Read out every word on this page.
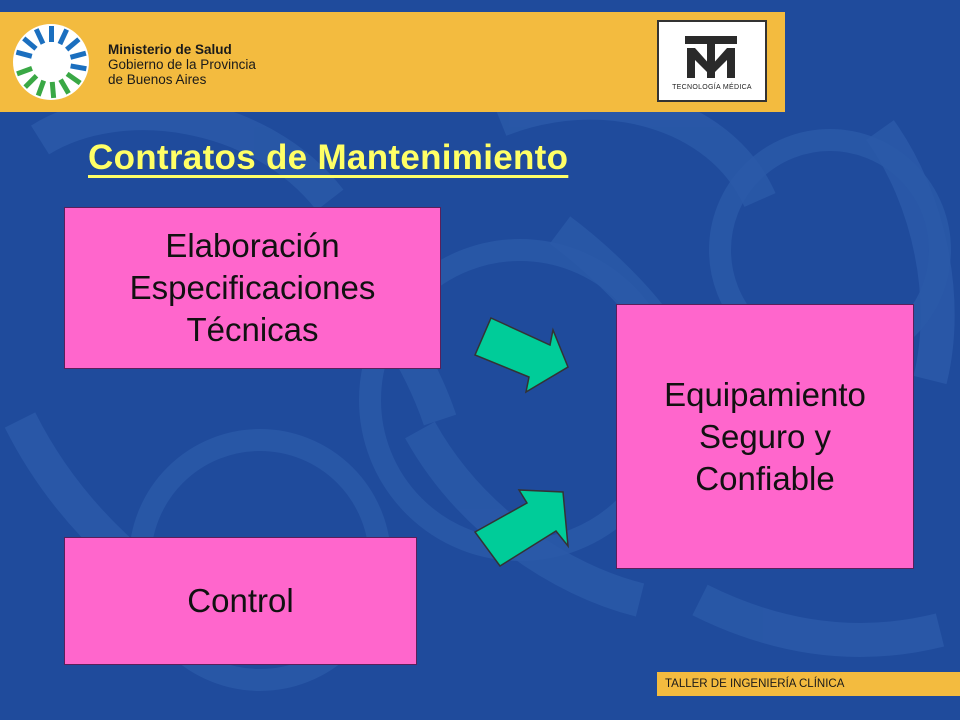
Ministerio de Salud
Gobierno de la Provincia
de Buenos Aires
TECNOLOGÍA MÉDICA
Contratos de Mantenimiento
Elaboración
Especificaciones
Técnicas
Control
Equipamiento
Seguro y
Confiable
TALLER DE INGENIERÍA CLÍNICA
